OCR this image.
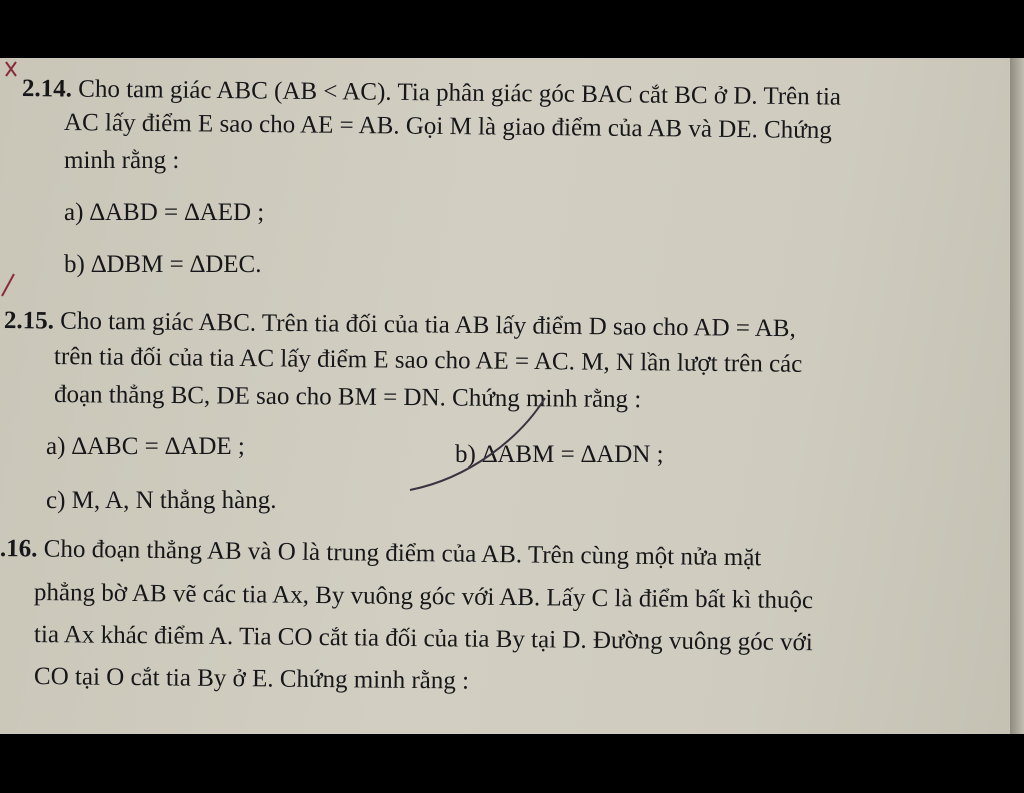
2.14. Cho tam giác ABC (AB < AC). Tia phân giác góc BAC cắt BC ở D. Trên tia
AC lấy điểm E sao cho AE = AB. Gọi M là giao điểm của AB và DE. Chứng
minh rằng :
a) ∆ABD = ∆AED ;
b) ∆DBM = ∆DEC.
2.15. Cho tam giác ABC. Trên tia đối của tia AB lấy điểm D sao cho AD = AB,
trên tia đối của tia AC lấy điểm E sao cho AE = AC. M, N lần lượt trên các
đoạn thẳng BC, DE sao cho BM = DN. Chứng minh rằng :
a) ∆ABC = ∆ADE ;	b) ∆ABM = ∆ADN ;
c) M, A, N thẳng hàng.
.16. Cho đoạn thẳng AB và O là trung điểm của AB. Trên cùng một nửa mặt
phẳng bờ AB vẽ các tia Ax, By vuông góc với AB. Lấy C là điểm bất kì thuộc
tia Ax khác điểm A. Tia CO cắt tia đối của tia By tại D. Đường vuông góc với
CO tại O cắt tia By ở E. Chứng minh rằng :
